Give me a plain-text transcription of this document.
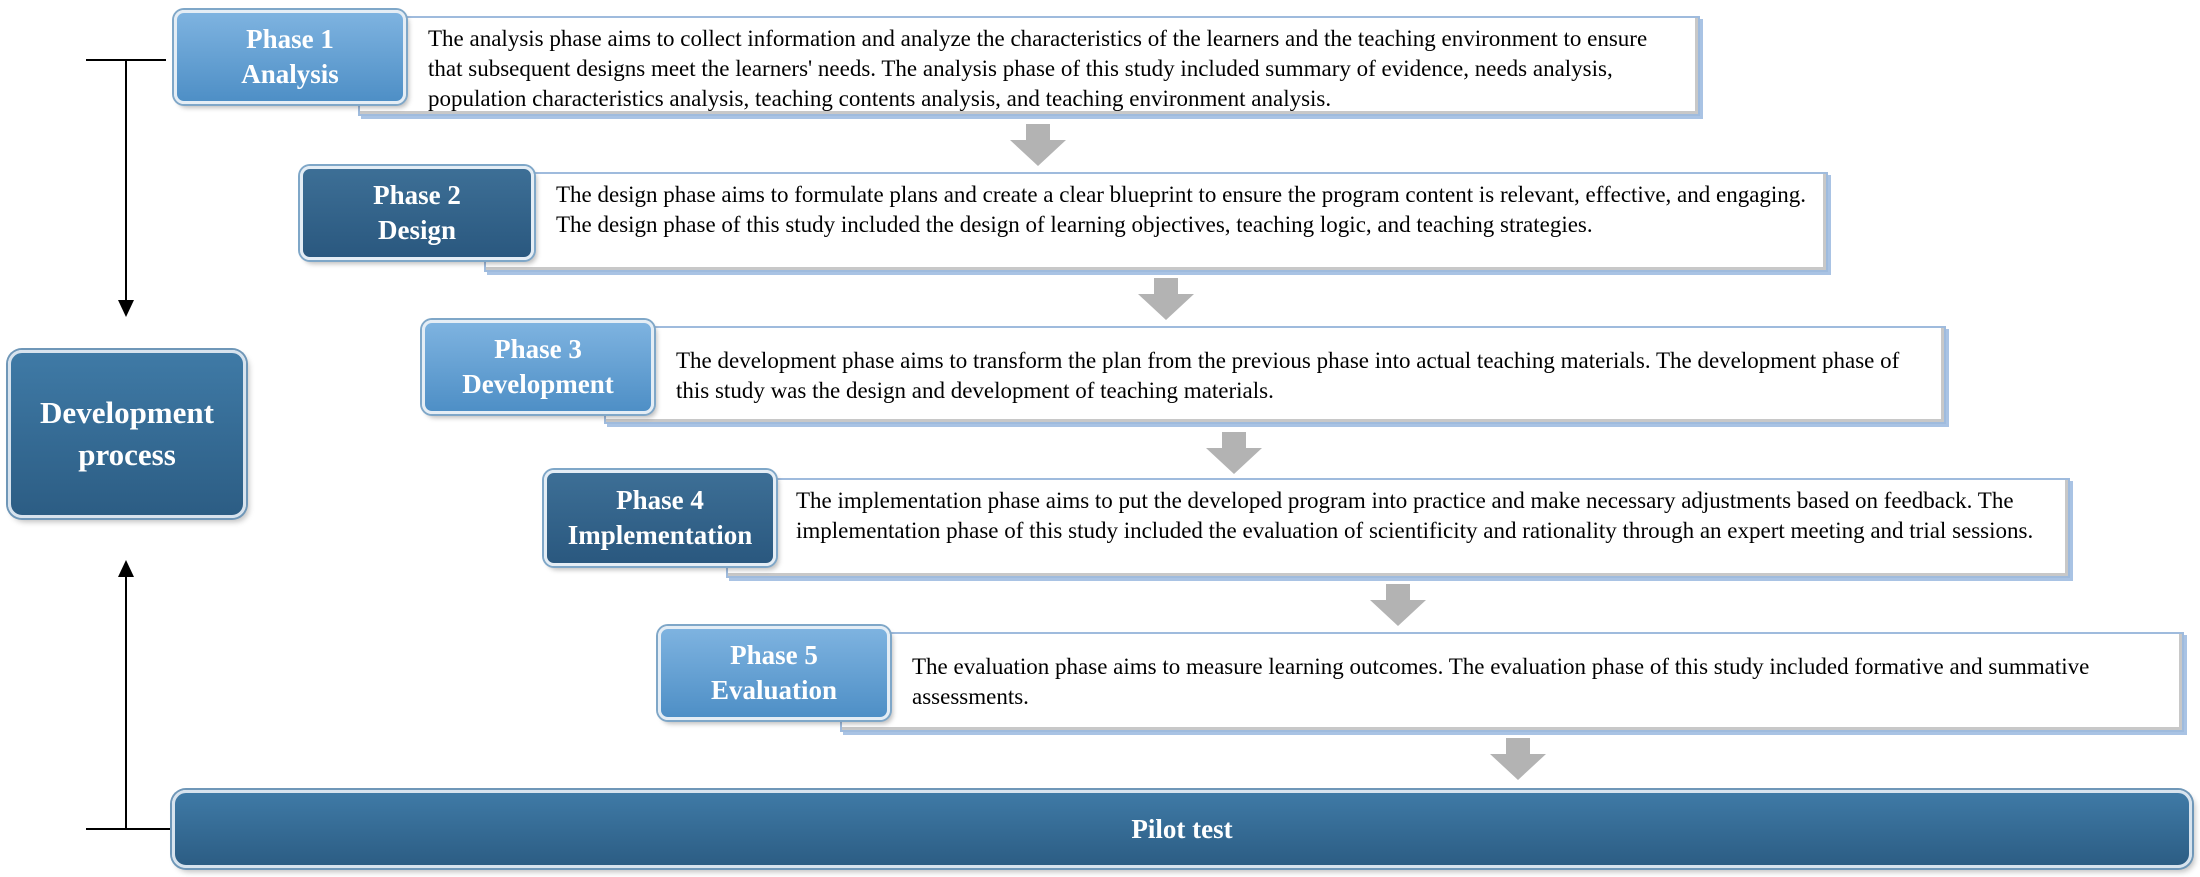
Development
process
The analysis phase aims to collect information and analyze the characteristics of the learners and the teaching environment to ensure that subsequent designs meet the learners' needs. The analysis phase of this study included summary of evidence, needs analysis, population characteristics analysis, teaching contents analysis, and teaching environment analysis.
Phase 1
Analysis
The design phase aims to formulate plans and create a clear blueprint to ensure the program content is relevant, effective, and engaging. The design phase of this study included the design of learning objectives, teaching logic, and teaching strategies.
Phase 2
Design
The development phase aims to transform the plan from the previous phase into actual teaching materials. The development phase of this study was the design and development of teaching materials.
Phase 3
Development
The implementation phase aims to put the developed program into practice and make necessary adjustments based on feedback. The implementation phase of this study included the evaluation of scientificity and rationality through an expert meeting and trial sessions.
Phase 4
Implementation
The evaluation phase aims to measure learning outcomes. The evaluation phase of this study included formative and summative assessments.
Phase 5
Evaluation
Pilot test
